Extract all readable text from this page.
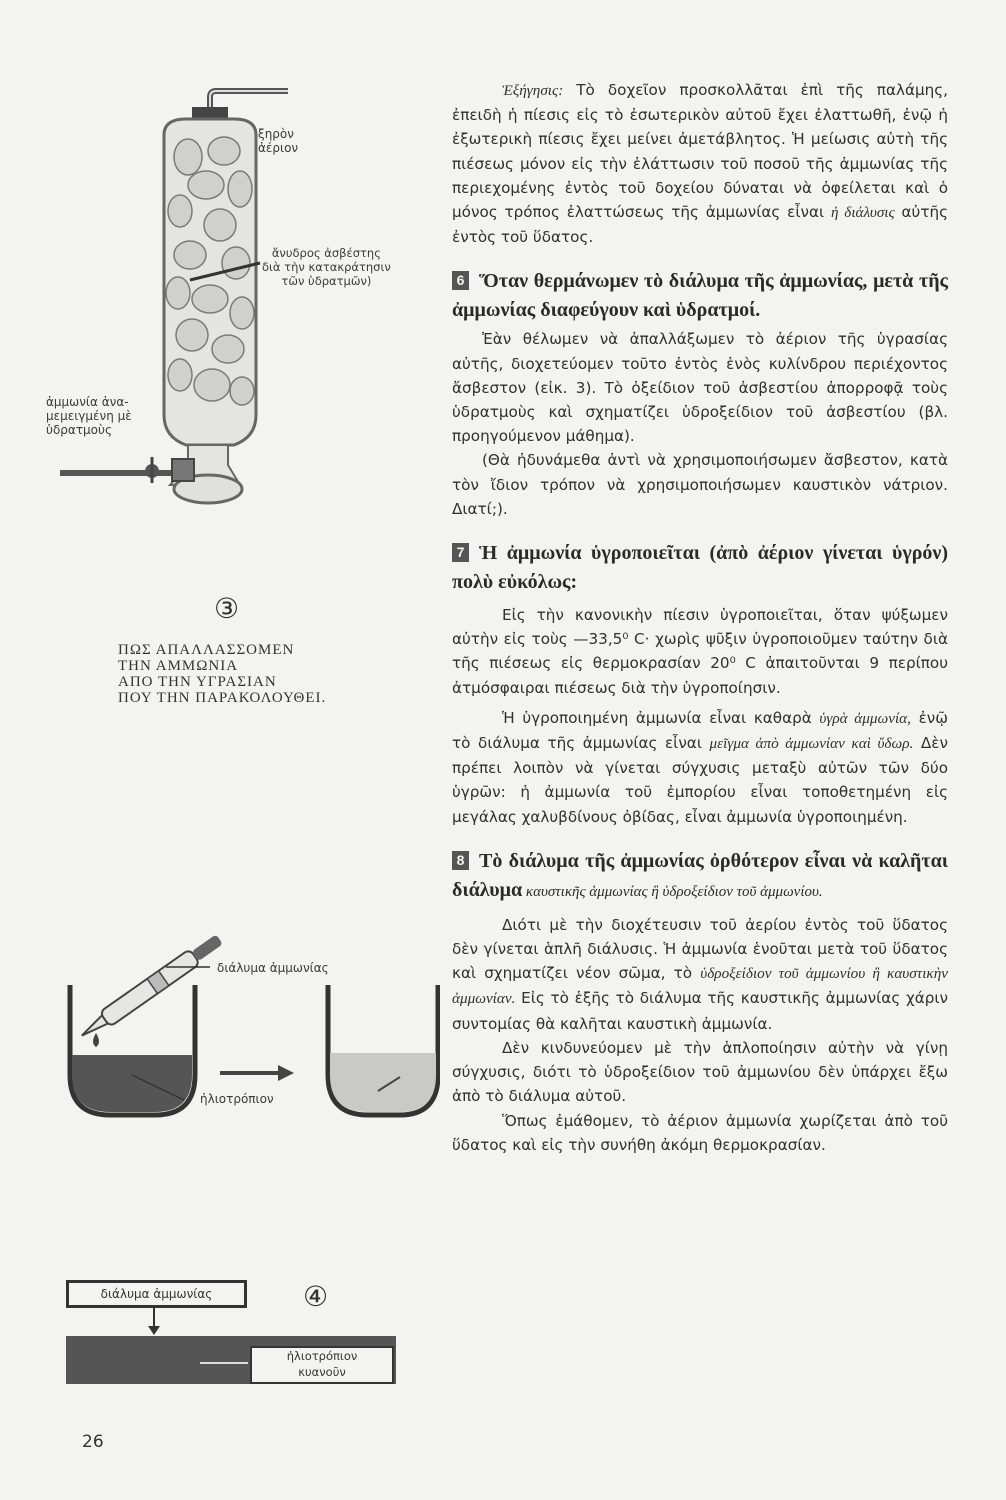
ξηρὸν
ἀέριον
ἄνυδρος ἀσβέστης
διὰ τὴν κατακράτησιν
τῶν ὑδρατμῶν)
ἀμμωνία ἀνα-
μεμειγμένη μὲ
ὑδρατμοὺς
③
ΠΩΣ ΑΠΑΛΛΑΣΣΟΜΕΝ
ΤΗΝ ΑΜΜΩΝΙΑ
ΑΠΟ ΤΗΝ ΥΓΡΑΣΙΑΝ
ΠΟΥ ΤΗΝ ΠΑΡΑΚΟΛΟΥΘΕΙ.
διάλυμα ἀμμωνίας
ἡλιοτρόπιον
διάλυμα ἀμμωνίας
ἡλιοτρόπιον
κυανοῦν
④

Ἐξήγησις: Τὸ δοχεῖον προσκολλᾶται ἐπὶ τῆς παλάμης, ἐπειδὴ ἡ πίεσις εἰς τὸ ἐσωτερικὸν αὐτοῦ ἔχει ἐλαττωθῆ, ἐνῷ ἡ ἐξωτερικὴ πίεσις ἔχει μείνει ἀμετάβλητος. Ἡ μείωσις αὐτὴ τῆς πιέσεως μόνον εἰς τὴν ἐλάττωσιν τοῦ ποσοῦ τῆς ἀμμωνίας τῆς περιεχομένης ἐντὸς τοῦ δοχείου δύναται νὰ ὀφείλεται καὶ ὁ μόνος τρόπος ἐλαττώσεως τῆς ἀμμωνίας εἶναι ἡ διάλυσις αὐτῆς ἐντὸς τοῦ ὕδατος.

6 Ὅταν θερμάνωμεν τὸ διάλυμα τῆς ἀμμωνίας, μετὰ τῆς ἀμμωνίας διαφεύγουν καὶ ὑδρατμοί.

Ἐὰν θέλωμεν νὰ ἀπαλλάξωμεν τὸ ἀέριον τῆς ὑγρασίας αὐτῆς, διοχετεύομεν τοῦτο ἐντὸς ἑνὸς κυλίνδρου περιέχοντος ἄσβεστον (εἰκ. 3). Τὸ ὀξείδιον τοῦ ἀσβεστίου ἀπορροφᾷ τοὺς ὑδρατμοὺς καὶ σχηματίζει ὑδροξείδιον τοῦ ἀσβεστίου (βλ. προηγούμενον μάθημα).

(Θὰ ἠδυνάμεθα ἀντὶ νὰ χρησιμοποιήσωμεν ἄσβεστον, κατὰ τὸν ἴδιον τρόπον νὰ χρησιμοποιήσωμεν καυστικὸν νάτριον. Διατί;).

7 Ἡ ἀμμωνία ὑγροποιεῖται (ἀπὸ ἀέριον γίνεται ὑγρόν) πολὺ εὐκόλως:

Εἰς τὴν κανονικὴν πίεσιν ὑγροποιεῖται, ὅταν ψύξωμεν αὐτὴν εἰς τοὺς —33,5⁰ C· χωρὶς ψῦξιν ὑγροποιοῦμεν ταύτην διὰ τῆς πιέσεως εἰς θερμοκρασίαν 20⁰ C ἀπαιτοῦνται 9 περίπου ἀτμόσφαιραι πιέσεως διὰ τὴν ὑγροποίησιν.

Ἡ ὑγροποιημένη ἀμμωνία εἶναι καθαρὰ ὑγρὰ ἀμμωνία, ἐνῷ τὸ διάλυμα τῆς ἀμμωνίας εἶναι μεῖγμα ἀπὸ ἀμμωνίαν καὶ ὕδωρ. Δὲν πρέπει λοιπὸν νὰ γίνεται σύγχυσις μεταξὺ αὐτῶν τῶν δύο ὑγρῶν: ἡ ἀμμωνία τοῦ ἐμπορίου εἶναι τοποθετημένη εἰς μεγάλας χαλυβδίνους ὀβίδας, εἶναι ἀμμωνία ὑγροποιημένη.

8 Τὸ διάλυμα τῆς ἀμμωνίας ὀρθότερον εἶναι νὰ καλῆται διάλυμα καυστικῆς ἀμμωνίας ἢ ὑδροξείδιον τοῦ ἀμμωνίου.

Διότι μὲ τὴν διοχέτευσιν τοῦ ἀερίου ἐντὸς τοῦ ὕδατος δὲν γίνεται ἁπλῆ διάλυσις. Ἡ ἀμμωνία ἑνοῦται μετὰ τοῦ ὕδατος καὶ σχηματίζει νέον σῶμα, τὸ ὑδροξείδιον τοῦ ἀμμωνίου ἢ καυστικὴν ἀμμωνίαν. Εἰς τὸ ἑξῆς τὸ διάλυμα τῆς καυστικῆς ἀμμωνίας χάριν συντομίας θὰ καλῆται καυστικὴ ἀμμωνία.

Δὲν κινδυνεύομεν μὲ τὴν ἁπλοποίησιν αὐτὴν νὰ γίνῃ σύγχυσις, διότι τὸ ὑδροξείδιον τοῦ ἀμμωνίου δὲν ὑπάρχει ἔξω ἀπὸ τὸ διάλυμα αὐτοῦ.

Ὅπως ἐμάθομεν, τὸ ἀέριον ἀμμωνία χωρίζεται ἀπὸ τοῦ ὕδατος καὶ εἰς τὴν συνήθη ἀκόμη θερμοκρασίαν.

26
